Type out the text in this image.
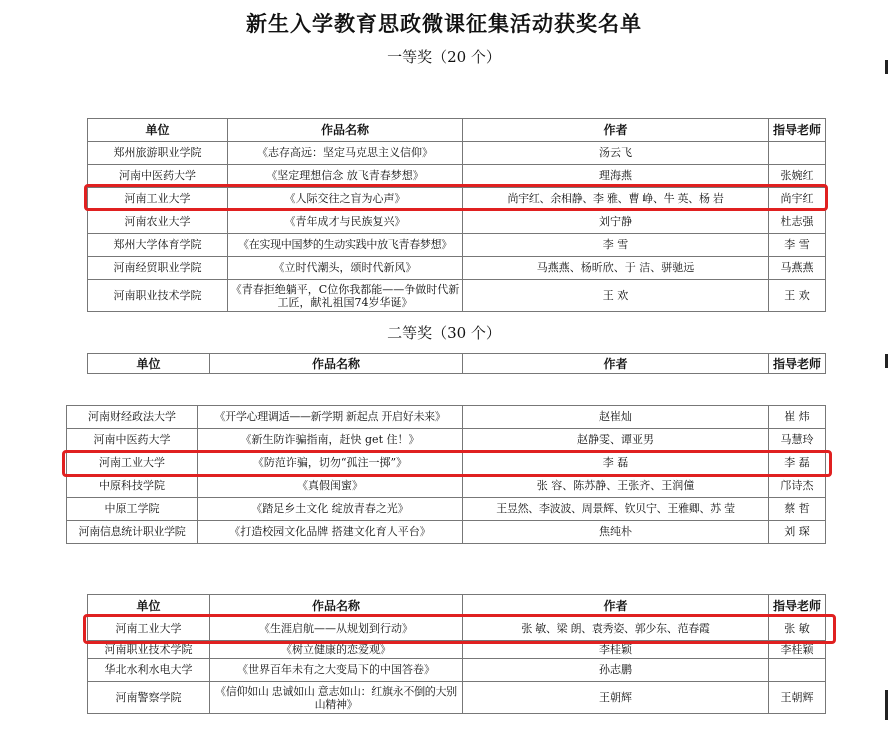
新生入学教育思政微课征集活动获奖名单
一等奖（20 个）
单位	作品名称	作者	指导老师
郑州旅游职业学院	《志存高远：坚定马克思主义信仰》	汤云飞	
河南中医药大学	《坚定理想信念 放飞青春梦想》	理海燕	张婉红
河南工业大学	《人际交往之盲为心声》	尚宇红、余相静、李 雅、曹 峥、牛 英、杨 岩	尚宇红
河南农业大学	《青年成才与民族复兴》	刘宁静	杜志强
郑州大学体育学院	《在实现中国梦的生动实践中放飞青春梦想》	李 雪	李 雪
河南经贸职业学院	《立时代潮头，颂时代新风》	马燕燕、杨昕欣、于 洁、骈驰远	马燕燕
河南职业技术学院	《青春拒绝躺平，C位你我都能——争做时代新工匠，献礼祖国74岁华诞》	王 欢	王 欢
二等奖（30 个）
单位	作品名称	作者	指导老师
河南财经政法大学	《开学心理调适——新学期 新起点 开启好未来》	赵崔灿	崔 炜
河南中医药大学	《新生防诈骗指南，赶快 get 住！》	赵静雯、谭亚男	马慧玲
河南工业大学	《防范诈骗，切勿“孤注一掷”》	李 磊	李 磊
中原科技学院	《真假闺蜜》	张 容、陈苏静、王张齐、王润僮	邝诗杰
中原工学院	《踏足乡土文化 绽放青春之光》	王昱然、李波波、周景辉、钦贝宁、王雅卿、苏 莹	蔡 哲
河南信息统计职业学院	《打造校园文化品牌 搭建文化育人平台》	焦纯朴	刘 琛
单位	作品名称	作者	指导老师
河南工业大学	《生涯启航——从规划到行动》	张 敏、梁 朗、袁秀姿、郭少东、范春霞	张 敏
河南职业技术学院	《树立健康的恋爱观》	李桂颖	李桂颖
华北水利水电大学	《世界百年未有之大变局下的中国答卷》	孙志鹏	
河南警察学院	《信仰如山 忠诚如山 意志如山：红旗永不倒的大别山精神》	王朝辉	王朝辉
